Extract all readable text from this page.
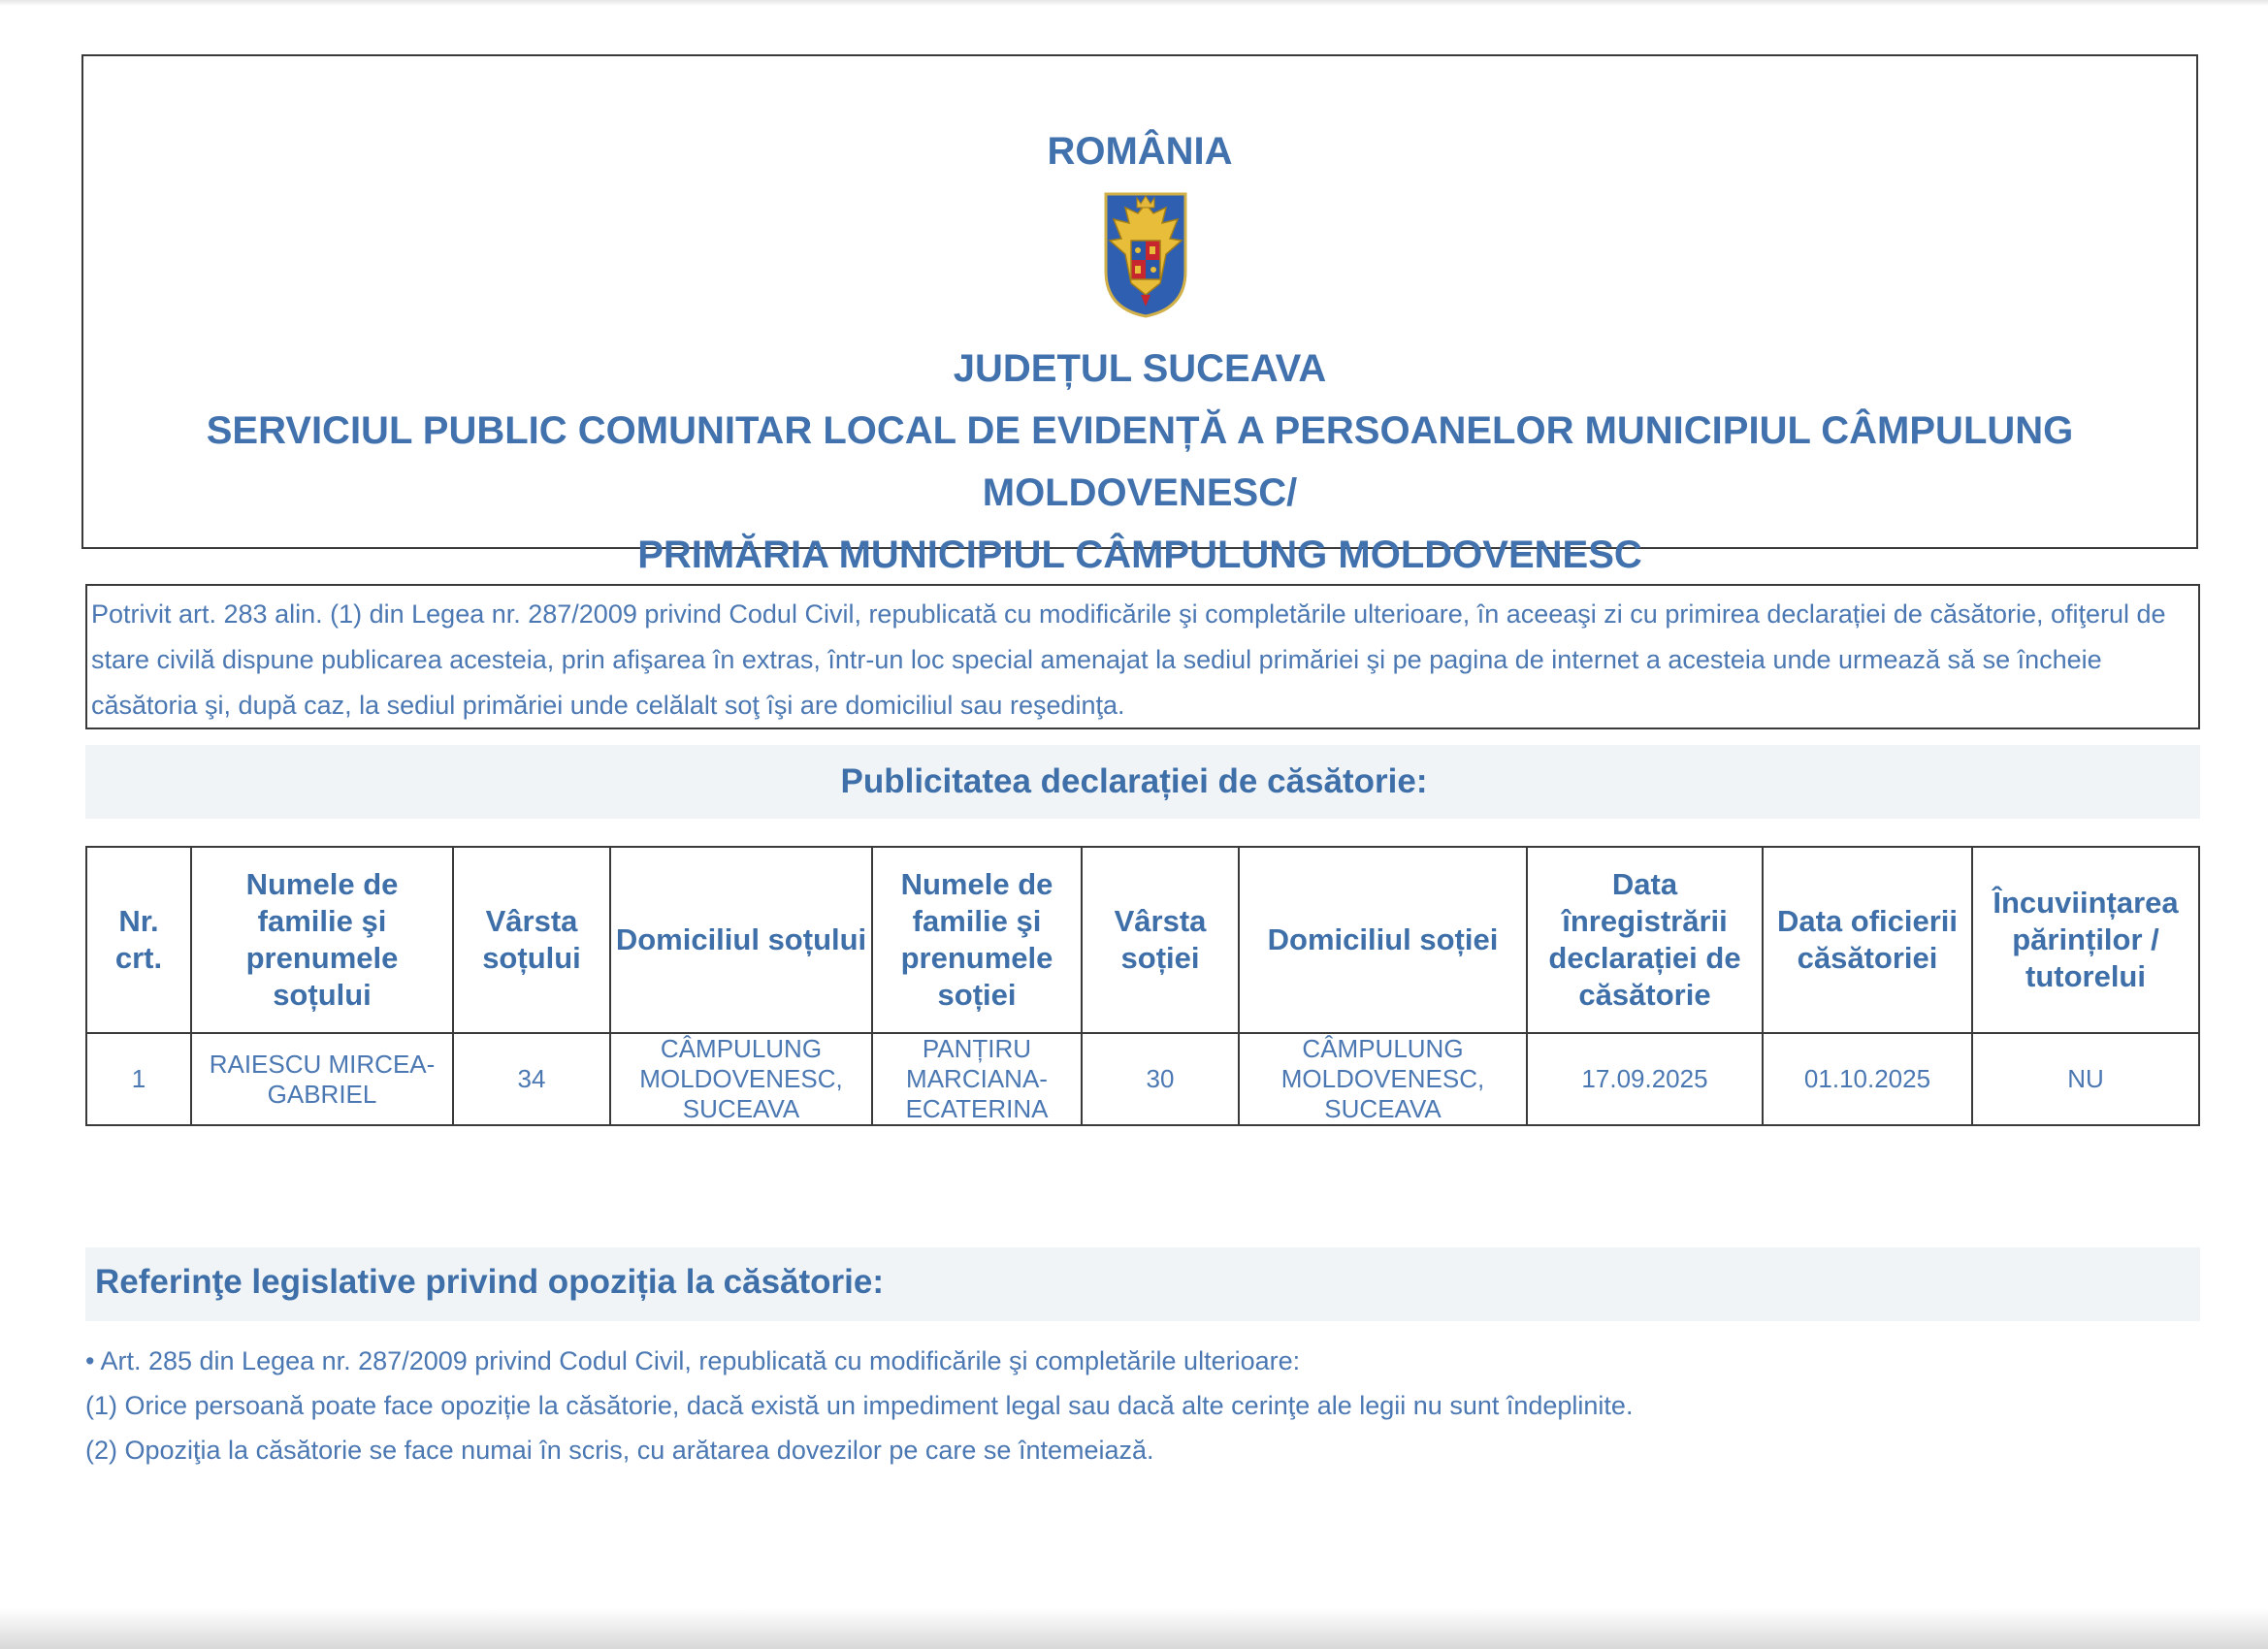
ROMÂNIA
JUDEȚUL SUCEAVA
SERVICIUL PUBLIC COMUNITAR LOCAL DE EVIDENȚĂ A PERSOANELOR MUNICIPIUL CÂMPULUNG
MOLDOVENESC/
PRIMĂRIA MUNICIPIUL CÂMPULUNG MOLDOVENESC
Potrivit art. 283 alin. (1) din Legea nr. 287/2009 privind Codul Civil, republicată cu modificările şi completările ulterioare, în aceeaşi zi cu primirea declarației de căsătorie, ofiţerul de stare civilă dispune publicarea acesteia, prin afişarea în extras, într-un loc special amenajat la sediul primăriei şi pe pagina de internet a acesteia unde urmează să se încheie căsătoria şi, după caz, la sediul primăriei unde celălalt soţ îşi are domiciliul sau reşedinţa.
Publicitatea declarației de căsătorie:
Nr. crt.	Numele de familie şi prenumele soțului	Vârsta soțului	Domiciliul soțului	Numele de familie şi prenumele soției	Vârsta soției	Domiciliul soției	Data înregistrării declarației de căsătorie	Data oficierii căsătoriei	Încuviințarea părinților / tutorelui
1	RAIESCU MIRCEA-GABRIEL	34	CÂMPULUNG MOLDOVENESC, SUCEAVA	PANȚIRU MARCIANA-ECATERINA	30	CÂMPULUNG MOLDOVENESC, SUCEAVA	17.09.2025	01.10.2025	NU
Referinţe legislative privind opoziția la căsătorie:
• Art. 285 din Legea nr. 287/2009 privind Codul Civil, republicată cu modificările şi completările ulterioare:
(1) Orice persoană poate face opoziție la căsătorie, dacă există un impediment legal sau dacă alte cerinţe ale legii nu sunt îndeplinite.
(2) Opoziţia la căsătorie se face numai în scris, cu arătarea dovezilor pe care se întemeiază.
